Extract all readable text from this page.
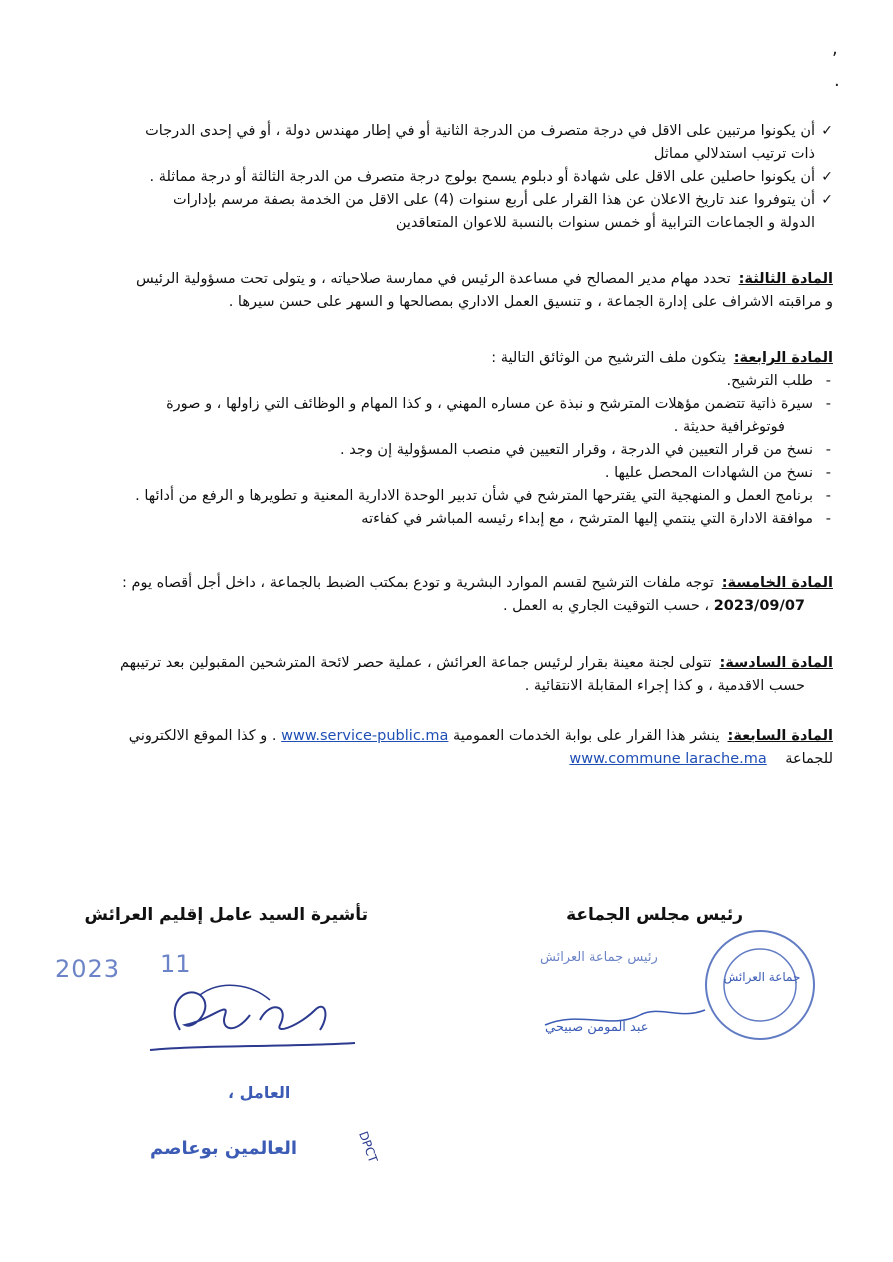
,
.
✓
أن يكونوا مرتبين على الاقل في درجة متصرف من الدرجة الثانية أو في إطار مهندس دولة ، أو في إحدى الدرجات
ذات ترتيب استدلالي مماثل
✓
أن يكونوا حاصلين على الاقل على شهادة أو دبلوم يسمح بولوج درجة متصرف من الدرجة الثالثة أو درجة مماثلة .
✓
أن يتوفروا عند تاريخ الاعلان عن هذا القرار على أربع سنوات (4) على الاقل من الخدمة بصفة مرسم بإدارات
الدولة و الجماعات الترابية أو خمس سنوات بالنسبة للاعوان المتعاقدين
المادة الثالثة:تحدد مهام مدير المصالح في مساعدة الرئيس في ممارسة صلاحياته ، و يتولى تحت مسؤولية الرئيس
و مراقبته الاشراف على إدارة الجماعة ، و تنسيق العمل الاداري بمصالحها و السهر على حسن سيرها .
المادة الرابعة:يتكون ملف الترشيح من الوثائق التالية :
-
طلب الترشيح.
-
سيرة ذاتية تتضمن مؤهلات المترشح و نبذة عن مساره المهني ، و كذا المهام و الوظائف التي زاولها ، و صورة
فوتوغرافية حديثة .
-
نسخ من قرار التعيين في الدرجة ، وقرار التعيين في منصب المسؤولية إن وجد .
-
نسخ من الشهادات المحصل عليها .
-
برنامج العمل و المنهجية التي يقترحها المترشح في شأن تدبير الوحدة الادارية المعنية و تطويرها و الرفع من أدائها .
-
موافقة الادارة التي ينتمي إليها المترشح ، مع إبداء رئيسه المباشر في كفاءته
المادة الخامسة:توجه ملفات الترشيح لقسم الموارد البشرية و تودع بمكتب الضبط بالجماعة ، داخل أجل أقصاه يوم :
2023/09/07 ، حسب التوقيت الجاري به العمل .
المادة السادسة:تتولى لجنة معينة بقرار لرئيس جماعة العرائش ، عملية حصر لائحة المترشحين المقبولين بعد ترتيبهم
حسب الاقدمية ، و كذا إجراء المقابلة الانتقائية .
المادة السابعة:ينشر هذا القرار على بوابة الخدمات العمومية www.service-public.ma . و كذا الموقع الالكتروني
للجماعة    www.commune larache.ma
رئيس مجلس الجماعة
تأشيرة السيد عامل إقليم العرائش
2023 11
العامل ،
العالمين بوعاصم	DPCT
جماعة العرائش
رئيس جماعة العرائش
عبد المومن صبيحي
